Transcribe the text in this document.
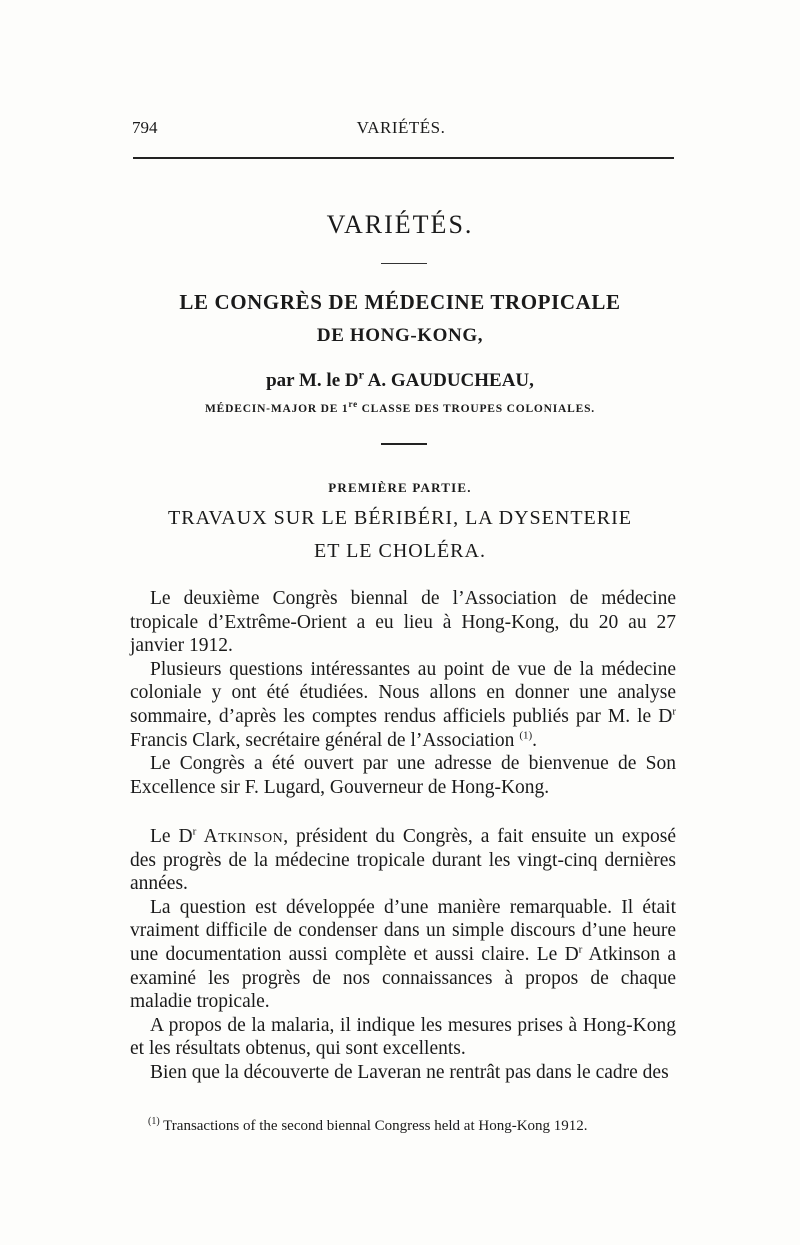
794	VARIÉTÉS.
VARIÉTÉS.
LE CONGRÈS DE MÉDECINE TROPICALE
DE HONG-KONG,
par M. le $D^r$ A. GAUDUCHEAU,
MÉDECIN-MAJOR DE 1re CLASSE DES TROUPES COLONIALES.
PREMIÈRE PARTIE.
TRAVAUX SUR LE BÉRIBÉRI, LA DYSENTERIE
ET LE CHOLÉRA.

Le deuxième Congrès biennal de l’Association de médecine tropicale d’Extrême-Orient a eu lieu à Hong-Kong, du 20 au 27 janvier 1912.

Plusieurs questions intéressantes au point de vue de la médecine coloniale y ont été étudiées. Nous allons en donner une analyse sommaire, d’après les comptes rendus afficiels publiés par M. le $D^r$ Francis Clark, secrétaire général de l’Association $^{(1)}$.

Le Congrès a été ouvert par une adresse de bienvenue de Son Excellence sir F. Lugard, Gouverneur de Hong-Kong.

Le $D^r$ Atkinson, président du Congrès, a fait ensuite un exposé des progrès de la médecine tropicale durant les vingt-cinq dernières années.

La question est développée d’une manière remarquable. Il était vraiment difficile de condenser dans un simple discours d’une heure une documentation aussi complète et aussi claire. Le $D^r$ Atkinson a examiné les progrès de nos connaissances à propos de chaque maladie tropicale.

A propos de la malaria, il indique les mesures prises à Hong-Kong et les résultats obtenus, qui sont excellents.

Bien que la découverte de Laveran ne rentrât pas dans le cadre des

$^{(1)}$ Transactions of the second biennal Congress held at Hong-Kong 1912.
